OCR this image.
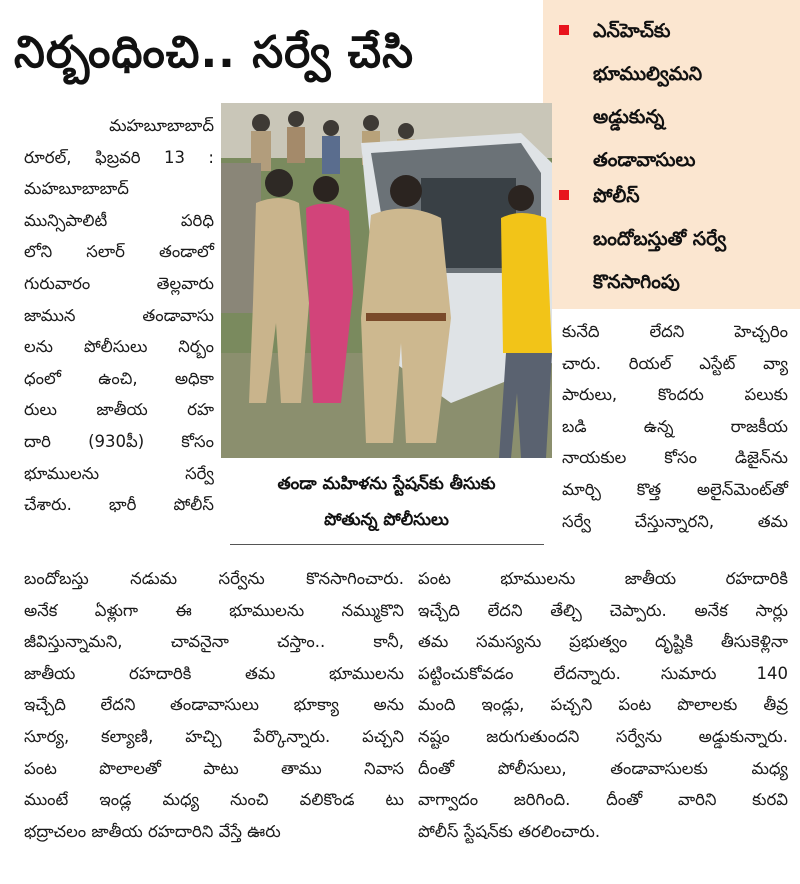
నిర్బంధించి.. సర్వే చేసి	ఎన్‌హెచ్‌కు
భూముల్విమని
అడ్డుకున్న
తండావాసులు
పోలీస్
బందోబస్తుతో సర్వే
కొనసాగింపు
తండా మహిళను స్టేషన్‌కు తీసుకు
పోతున్న పోలీసులు

మహబూబాబాద్

రూరల్, ఫిబ్రవరి 13 :

మహబూబాబాద్

మున్సిపాలిటీ పరిధి

లోని సలార్ తండాలో

గురువారం తెల్లవారు

జామున తండావాసు

లను పోలీసులు నిర్బం

ధంలో ఉంచి, అధికా

రులు జాతీయ రహ

దారి (930పీ) కోసం

భూములను సర్వే

చేశారు. భారీ పోలీస్

కునేది లేదని హెచ్చరిం

చారు. రియల్ ఎస్టేట్ వ్యా

పారులు, కొందరు పలుకు

బడి ఉన్న రాజకీయ

నాయకుల కోసం డిజైన్‌ను

మార్చి కొత్త అలైన్‌మెంట్‌తో

సర్వే చేస్తున్నారని, తమ

బందోబస్తు నడుమ సర్వేను కొనసాగించారు.

అనేక ఏళ్లుగా ఈ భూములను నమ్ముకొని

జీవిస్తున్నామని, చావనైనా చస్తాం.. కానీ,

జాతీయ రహదారికి తమ భూములను

ఇచ్చేది లేదని తండావాసులు భూక్యా అను

సూర్య, కల్యాణి, హచ్చి పేర్కొన్నారు. పచ్చని

పంట పొలాలతో పాటు తాము నివాస

ముంటే ఇండ్ల మధ్య నుంచి వలికొండ టు

భద్రాచలం జాతీయ రహదారిని వేస్తే ఊరు

పంట భూములను జాతీయ రహదారికి

ఇచ్చేది లేదని తేల్చి చెప్పారు. అనేక సార్లు

తమ సమస్యను ప్రభుత్వం దృష్టికి తీసుకెళ్లినా

పట్టించుకోవడం లేదన్నారు. సుమారు 140

మంది ఇండ్లు, పచ్చని పంట పొలాలకు తీవ్ర

నష్టం జరుగుతుందని సర్వేను అడ్డుకున్నారు.

దీంతో పోలీసులు, తండావాసులకు మధ్య

వాగ్వాదం జరిగింది. దీంతో వారిని కురవి

పోలీస్ స్టేషన్‌కు తరలించారు.
